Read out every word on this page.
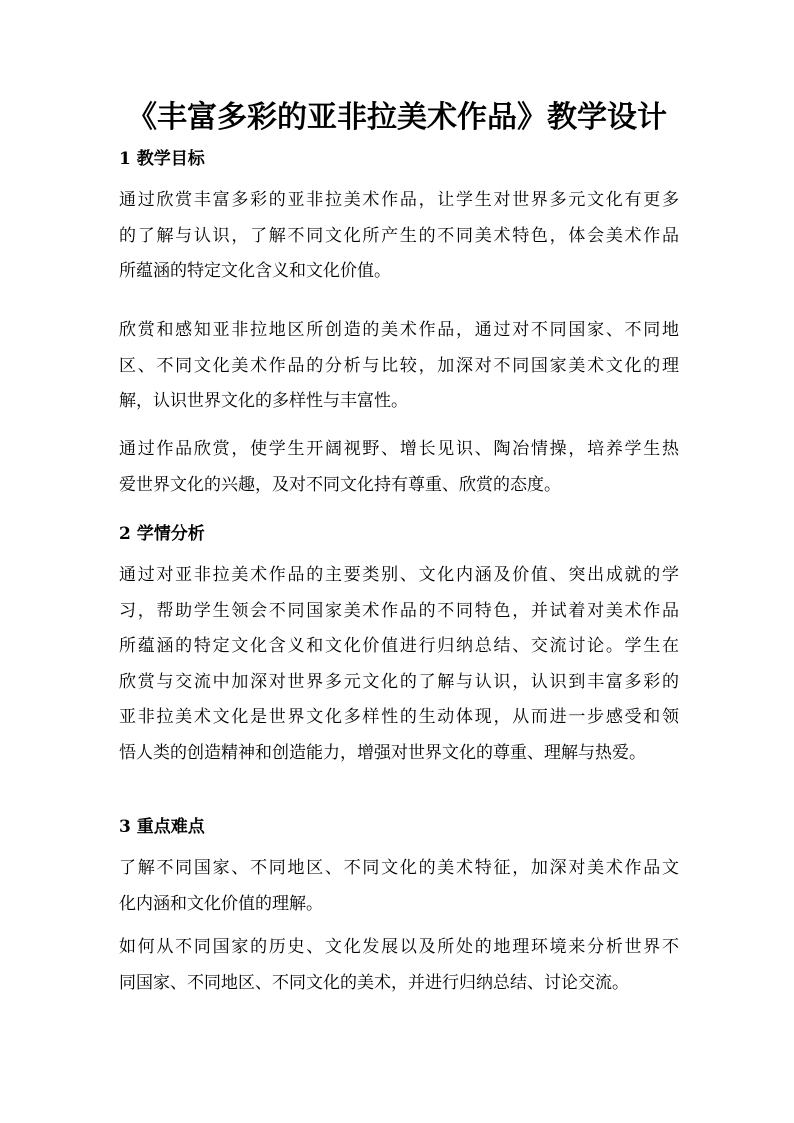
《丰富多彩的亚非拉美术作品》教学设计
1 教学目标
通过欣赏丰富多彩的亚非拉美术作品，让学生对世界多元文化有更多
的了解与认识，了解不同文化所产生的不同美术特色，体会美术作品
所蕴涵的特定文化含义和文化价值。
欣赏和感知亚非拉地区所创造的美术作品，通过对不同国家、不同地
区、不同文化美术作品的分析与比较，加深对不同国家美术文化的理
解，认识世界文化的多样性与丰富性。
通过作品欣赏，使学生开阔视野、增长见识、陶冶情操，培养学生热
爱世界文化的兴趣，及对不同文化持有尊重、欣赏的态度。
2 学情分析
通过对亚非拉美术作品的主要类别、文化内涵及价值、突出成就的学
习，帮助学生领会不同国家美术作品的不同特色，并试着对美术作品
所蕴涵的特定文化含义和文化价值进行归纳总结、交流讨论。学生在
欣赏与交流中加深对世界多元文化的了解与认识，认识到丰富多彩的
亚非拉美术文化是世界文化多样性的生动体现，从而进一步感受和领
悟人类的创造精神和创造能力，增强对世界文化的尊重、理解与热爱。
3 重点难点
了解不同国家、不同地区、不同文化的美术特征，加深对美术作品文
化内涵和文化价值的理解。
如何从不同国家的历史、文化发展以及所处的地理环境来分析世界不
同国家、不同地区、不同文化的美术，并进行归纳总结、讨论交流。
